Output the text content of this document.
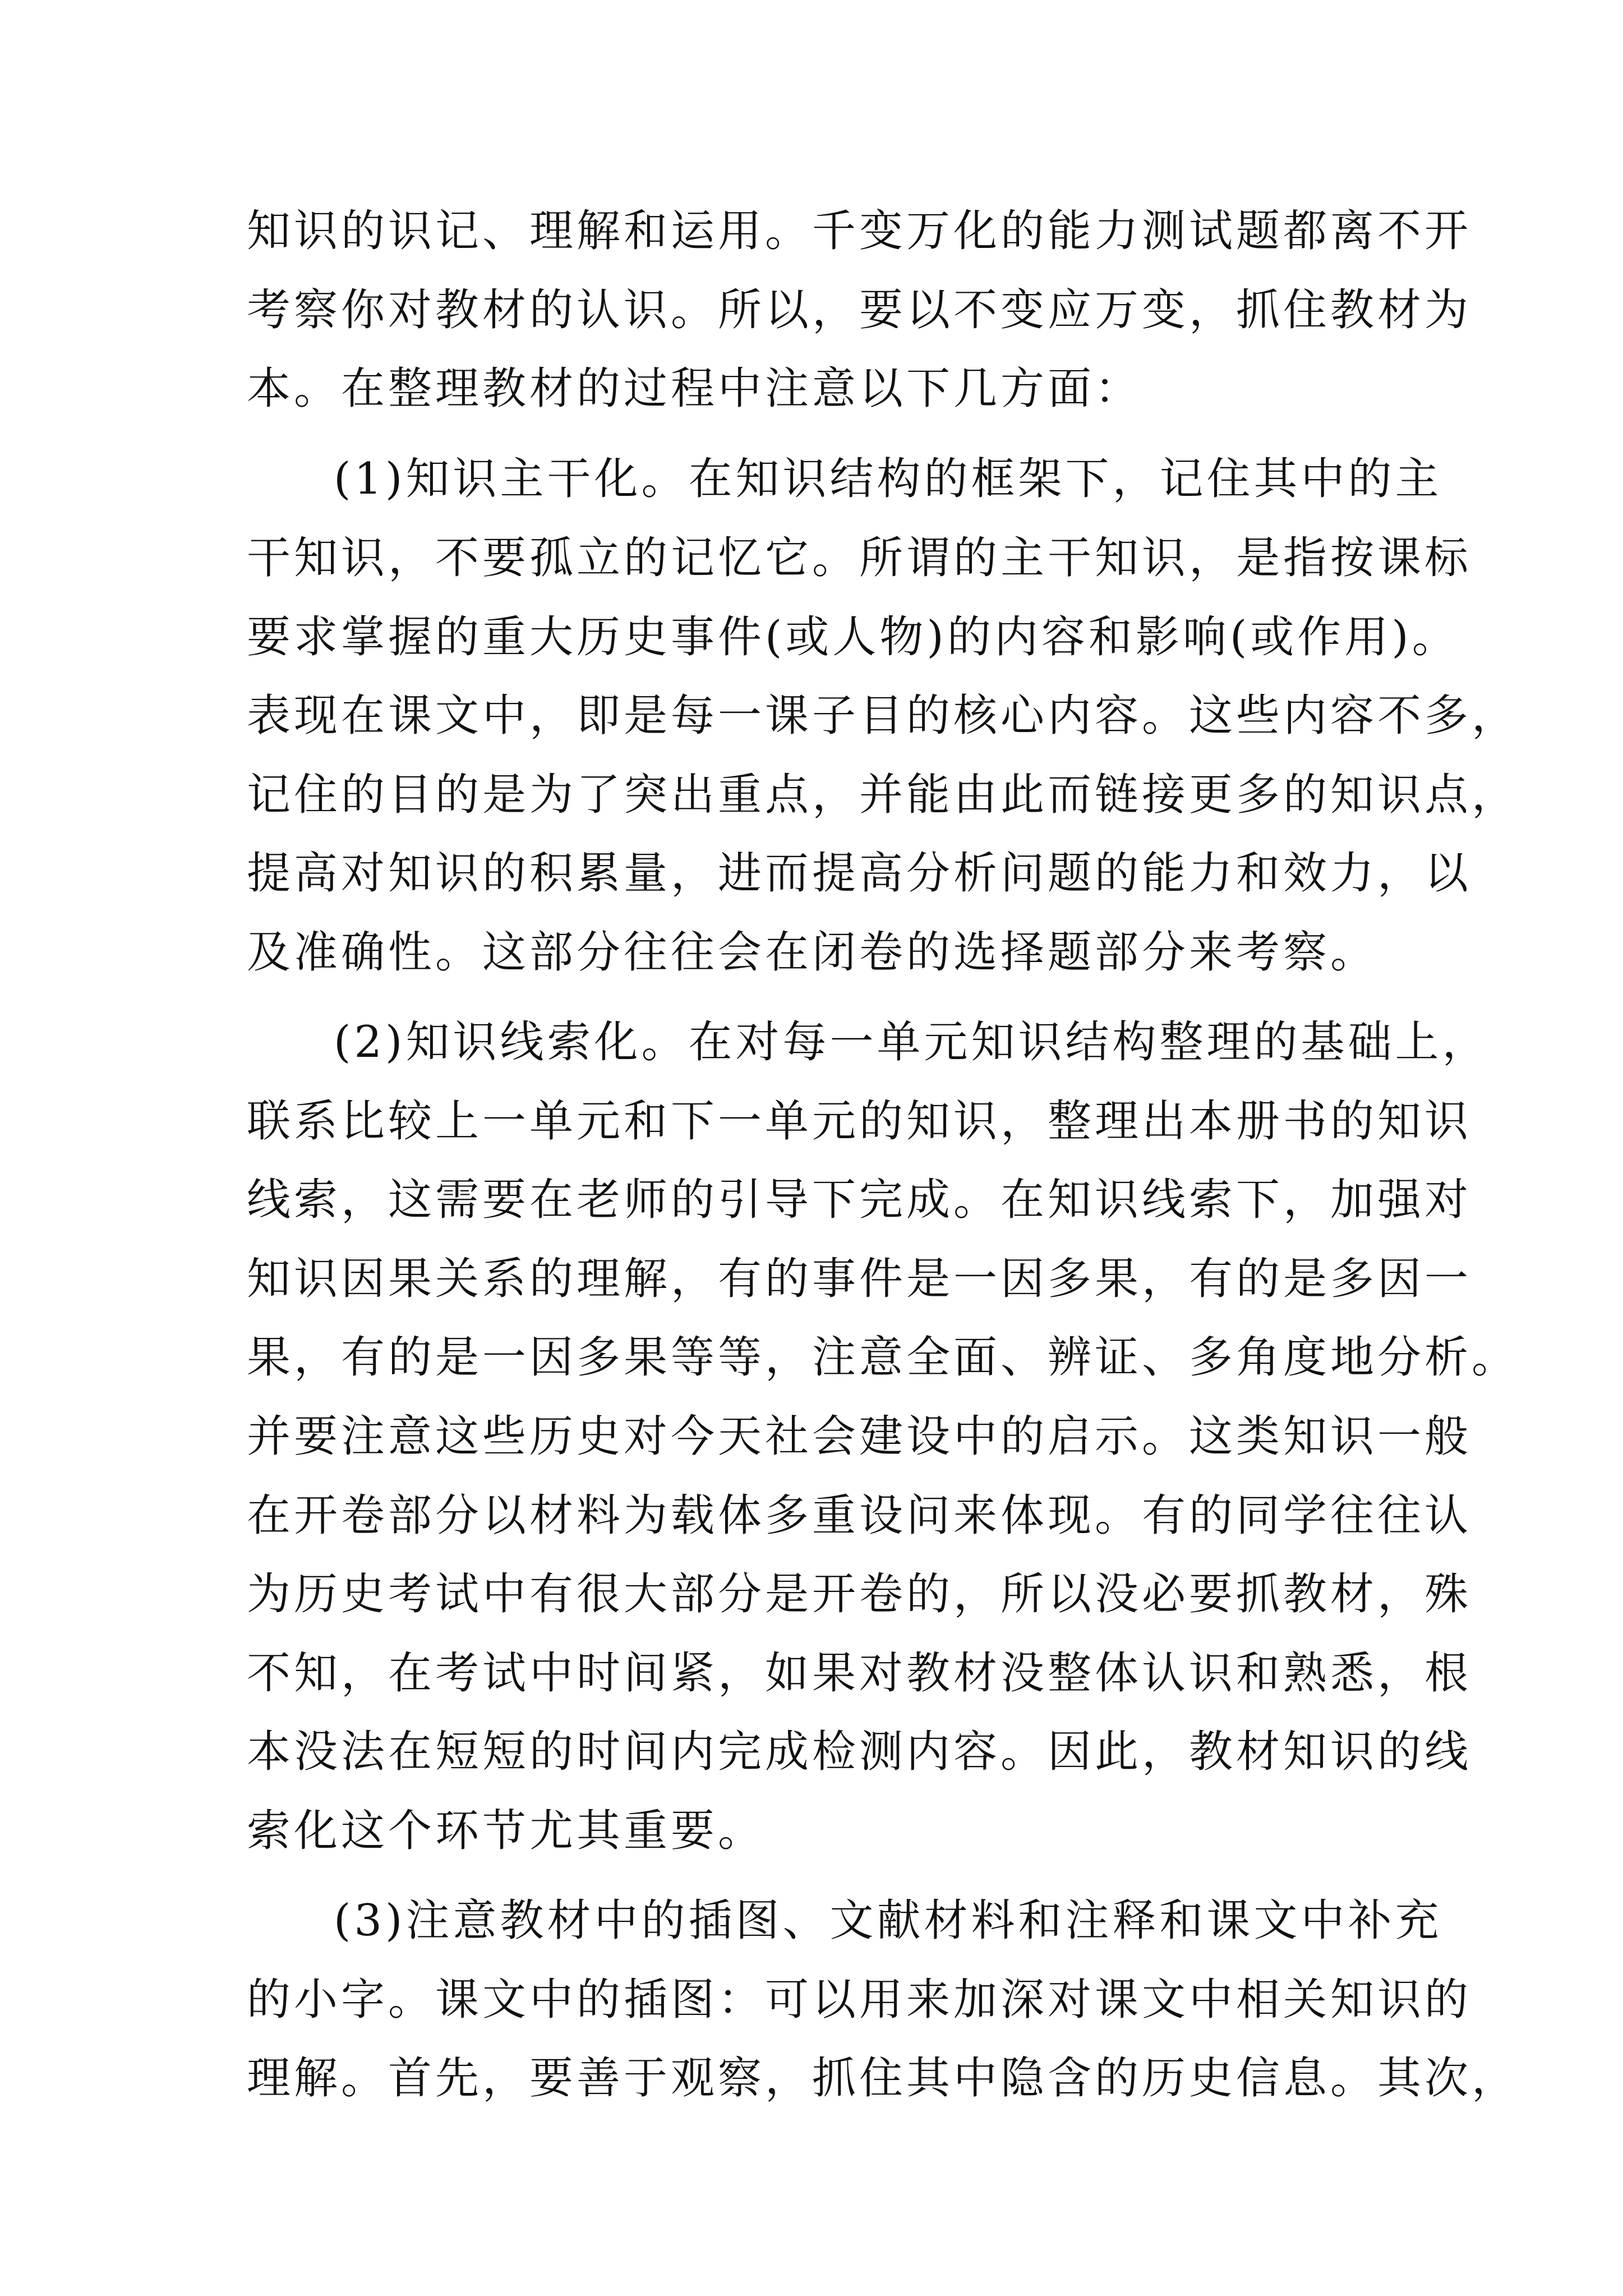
知识的识记、理解和运用。千变万化的能力测试题都离不开
考察你对教材的认识。所以，要以不变应万变，抓住教材为
本。在整理教材的过程中注意以下几方面：
(1)知识主干化。在知识结构的框架下，记住其中的主
干知识，不要孤立的记忆它。所谓的主干知识，是指按课标
要求掌握的重大历史事件(或人物)的内容和影响(或作用)。
表现在课文中，即是每一课子目的核心内容。这些内容不多，
记住的目的是为了突出重点，并能由此而链接更多的知识点，
提高对知识的积累量，进而提高分析问题的能力和效力，以
及准确性。这部分往往会在闭卷的选择题部分来考察。
(2)知识线索化。在对每一单元知识结构整理的基础上，
联系比较上一单元和下一单元的知识，整理出本册书的知识
线索，这需要在老师的引导下完成。在知识线索下，加强对
知识因果关系的理解，有的事件是一因多果，有的是多因一
果，有的是一因多果等等，注意全面、辨证、多角度地分析。
并要注意这些历史对今天社会建设中的启示。这类知识一般
在开卷部分以材料为载体多重设问来体现。有的同学往往认
为历史考试中有很大部分是开卷的，所以没必要抓教材，殊
不知，在考试中时间紧，如果对教材没整体认识和熟悉，根
本没法在短短的时间内完成检测内容。因此，教材知识的线
索化这个环节尤其重要。
(3)注意教材中的插图、文献材料和注释和课文中补充
的小字。课文中的插图：可以用来加深对课文中相关知识的
理解。首先，要善于观察，抓住其中隐含的历史信息。其次，
